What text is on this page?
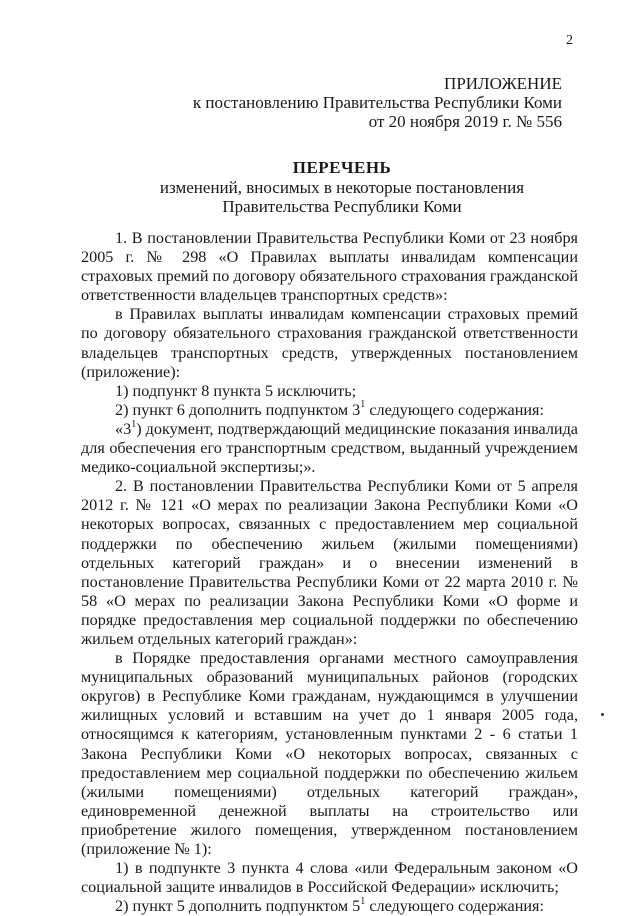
2
ПРИЛОЖЕНИЕ
к постановлению Правительства Республики Коми
от 20 ноября 2019 г. № 556
ПЕРЕЧЕНЬ
изменений, вносимых в некоторые постановления
Правительства Республики Коми

1. В постановлении Правительства Республики Коми от 23 ноября 2005 г. № 298 «О Правилах выплаты инвалидам компенсации страховых премий по договору обязательного страхования гражданской ответственности владельцев транспортных средств»:

в Правилах выплаты инвалидам компенсации страховых премий по договору обязательного страхования гражданской ответственности владельцев транспортных средств, утвержденных постановлением (приложение):

1) подпункт 8 пункта 5 исключить;

2) пункт 6 дополнить подпунктом $3^1$ следующего содержания:

«$3^1$) документ, подтверждающий медицинские показания инвалида для обеспечения его транспортным средством, выданный учреждением медико-социальной экспертизы;».

2. В постановлении Правительства Республики Коми от 5 апреля 2012 г. № 121 «О мерах по реализации Закона Республики Коми «О некоторых вопросах, связанных с предоставлением мер социальной поддержки по обеспечению жильем (жилыми помещениями) отдельных категорий граждан» и о внесении изменений в постановление Правительства Республики Коми от 22 марта 2010 г. № 58 «О мерах по реализации Закона Республики Коми «О форме и порядке предоставления мер социальной поддержки по обеспечению жильем отдельных категорий граждан»:

в Порядке предоставления органами местного самоуправления муниципальных образований муниципальных районов (городских округов) в Республике Коми гражданам, нуждающимся в улучшении жилищных условий и вставшим на учет до 1 января 2005 года, относящимся к категориям, установленным пунктами 2 - 6 статьи 1 Закона Республики Коми «О некоторых вопросах, связанных с предоставлением мер социальной поддержки по обеспечению жильем (жилыми помещениями) отдельных категорий граждан», единовременной денежной выплаты на строительство или приобретение жилого помещения, утвержденном постановлением (приложение № 1):

1) в подпункте 3 пункта 4 слова «или Федеральным законом «О социальной защите инвалидов в Российской Федерации» исключить;

2) пункт 5 дополнить подпунктом $5^1$ следующего содержания:
